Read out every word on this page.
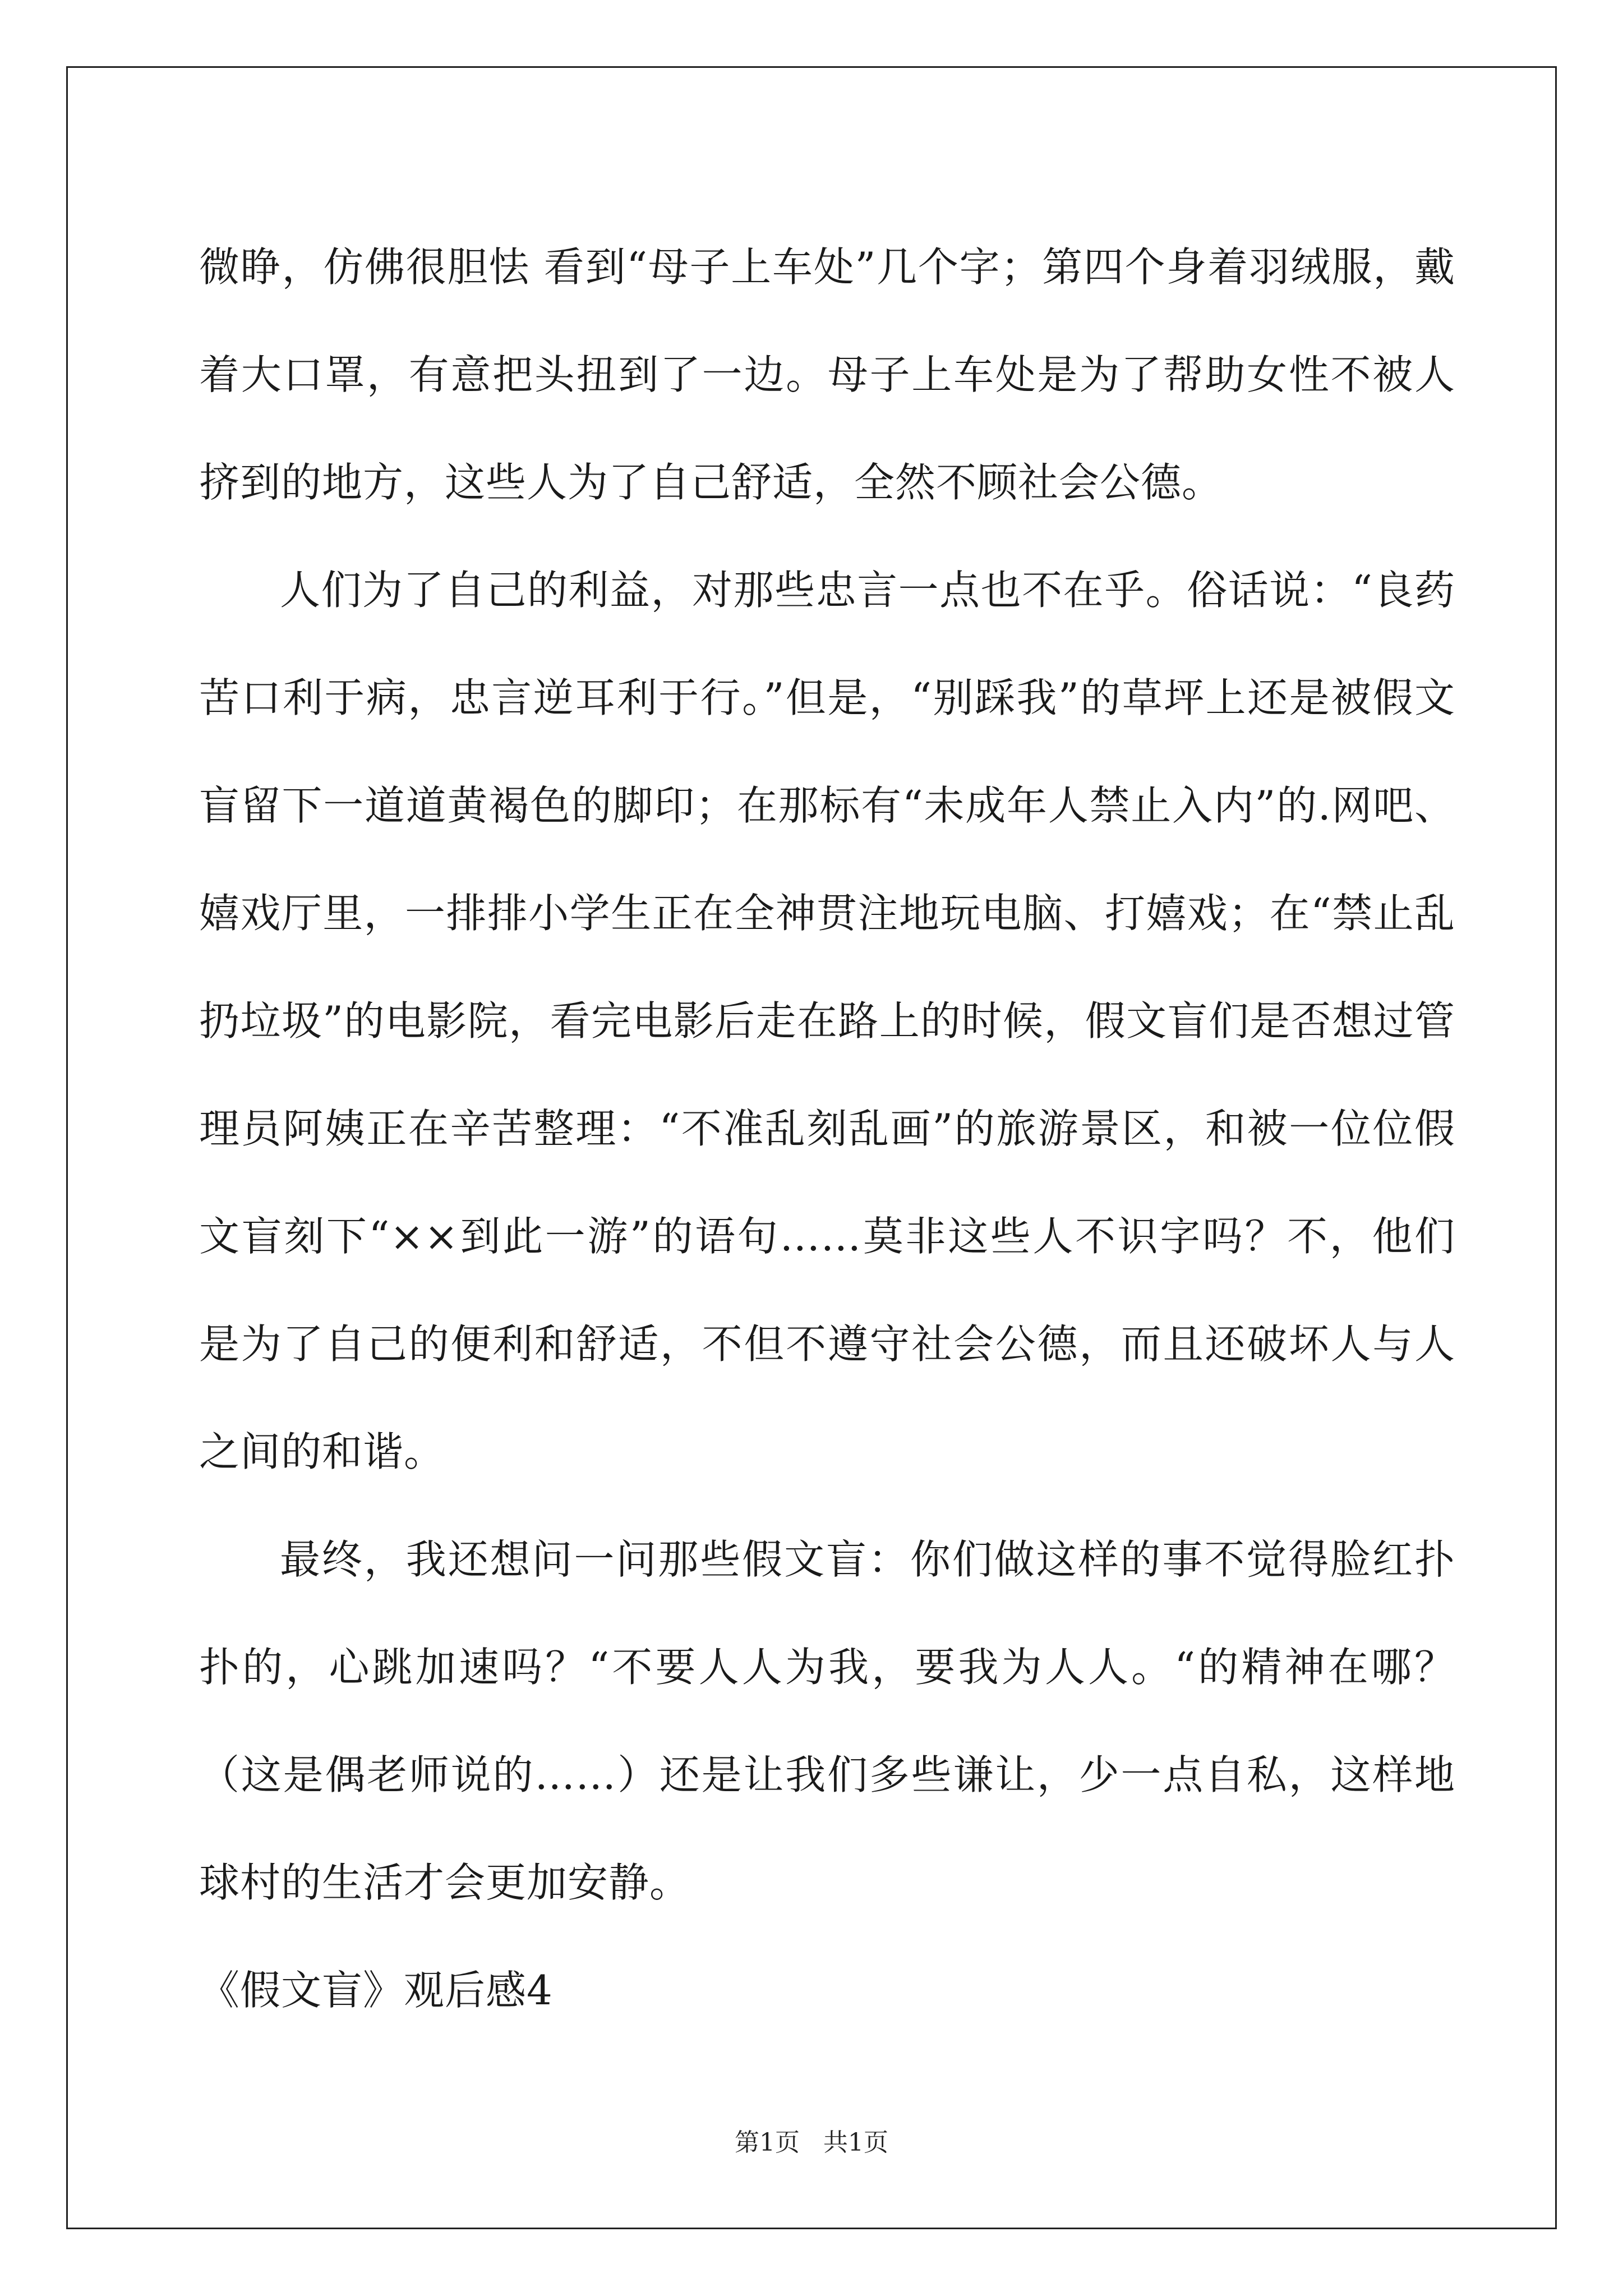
微睁，仿佛很胆怯 看到“母子上车处”几个字；第四个身着羽绒服，戴着大口罩，有意把头扭到了一边。母子上车处是为了帮助女性不被人挤到的地方，这些人为了自己舒适，全然不顾社会公德。

人们为了自己的利益，对那些忠言一点也不在乎。俗话说：“良药苦口利于病，忠言逆耳利于行。”但是，“别踩我”的草坪上还是被假文盲留下一道道黄褐色的脚印；在那标有“未成年人禁止入内”的.网吧、嬉戏厅里，一排排小学生正在全神贯注地玩电脑、打嬉戏；在“禁止乱扔垃圾”的电影院，看完电影后走在路上的时候，假文盲们是否想过管理员阿姨正在辛苦整理：“不准乱刻乱画”的旅游景区，和被一位位假文盲刻下“××到此一游”的语句……莫非这些人不识字吗？不，他们是为了自己的便利和舒适，不但不遵守社会公德，而且还破坏人与人之间的和谐。

最终，我还想问一问那些假文盲：你们做这样的事不觉得脸红扑扑的，心跳加速吗？“不要人人为我，要我为人人。“的精神在哪？（这是偶老师说的……）还是让我们多些谦让，少一点自私，这样地球村的生活才会更加安静。

《假文盲》观后感4

第1页 共1页
